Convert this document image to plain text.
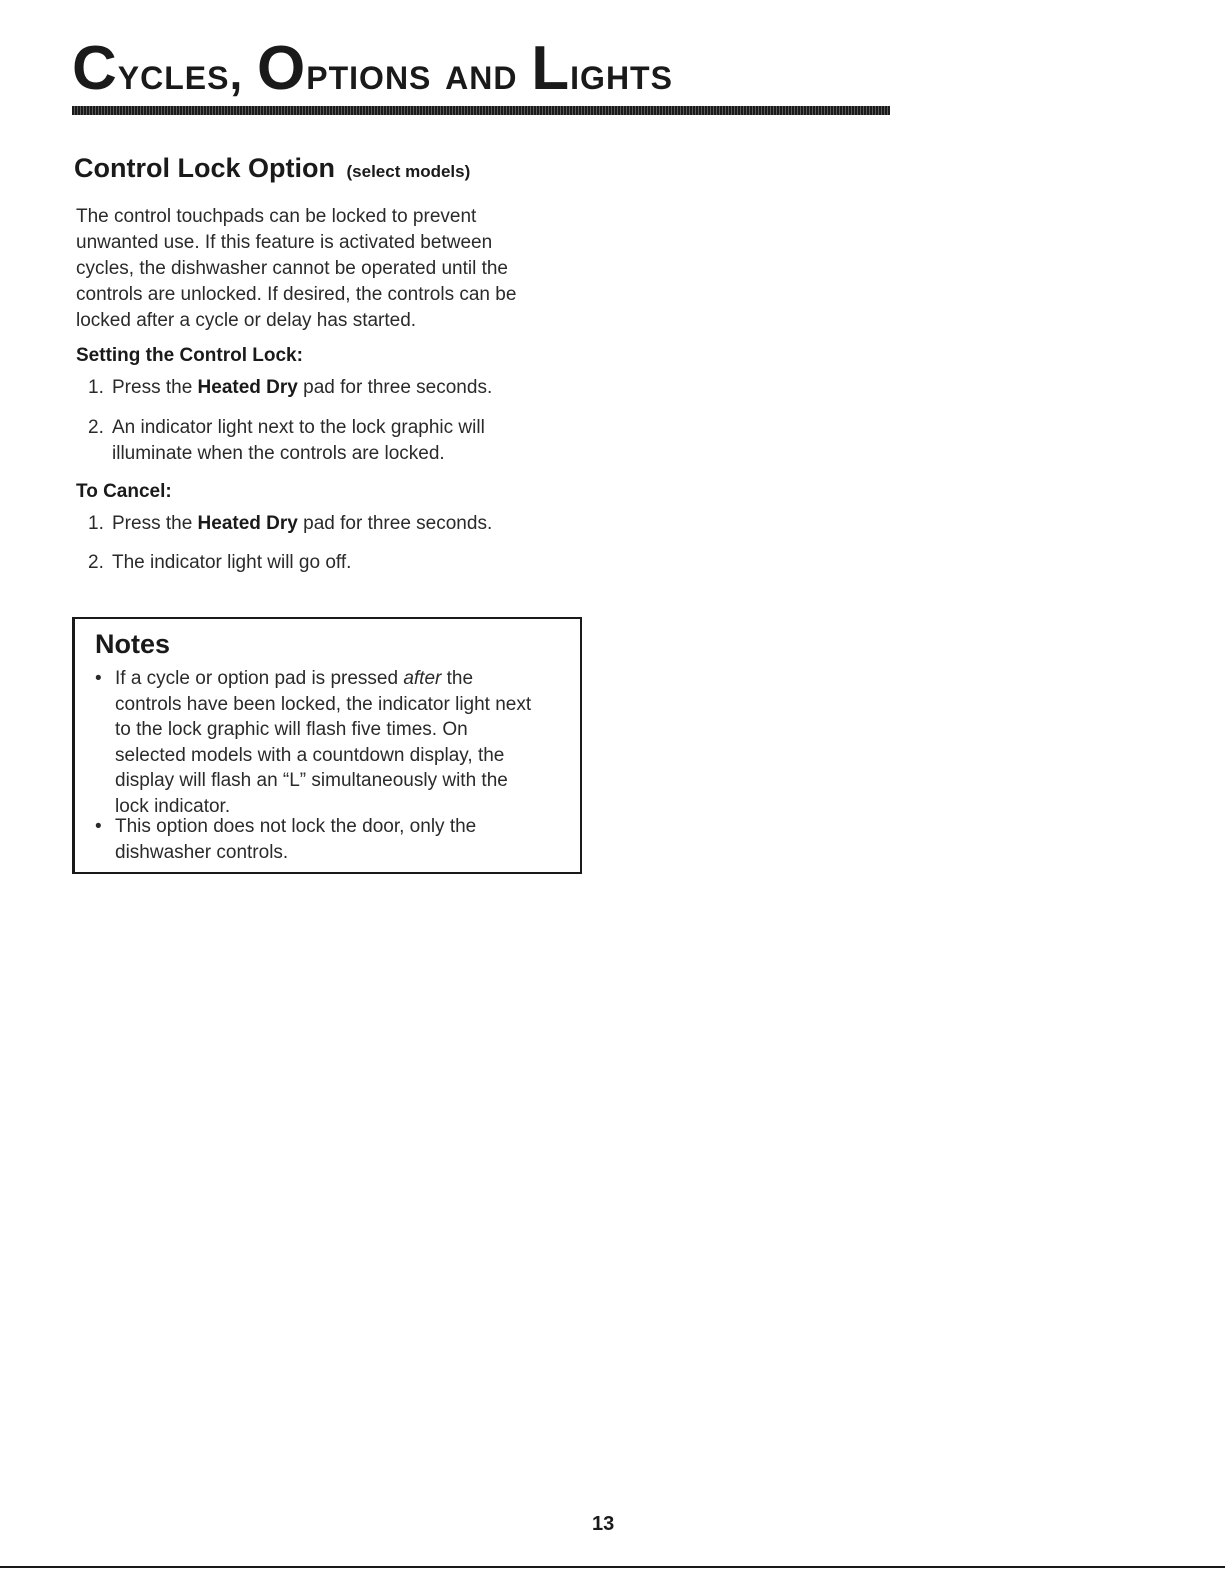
Cycles, Options and Lights
Control Lock Option (select models)
The control touchpads can be locked to prevent
unwanted use. If this feature is activated between
cycles, the dishwasher cannot be operated until the
controls are unlocked. If desired, the controls can be
locked after a cycle or delay has started.
Setting the Control Lock:
1. Press the Heated Dry pad for three seconds.
2. An indicator light next to the lock graphic will
illuminate when the controls are locked.
To Cancel:
1. Press the Heated Dry pad for three seconds.
2. The indicator light will go off.
Notes
• If a cycle or option pad is pressed after the
controls have been locked, the indicator light next
to the lock graphic will flash five times. On
selected models with a countdown display, the
display will flash an “L” simultaneously with the
lock indicator.
• This option does not lock the door, only the
dishwasher controls.
13
